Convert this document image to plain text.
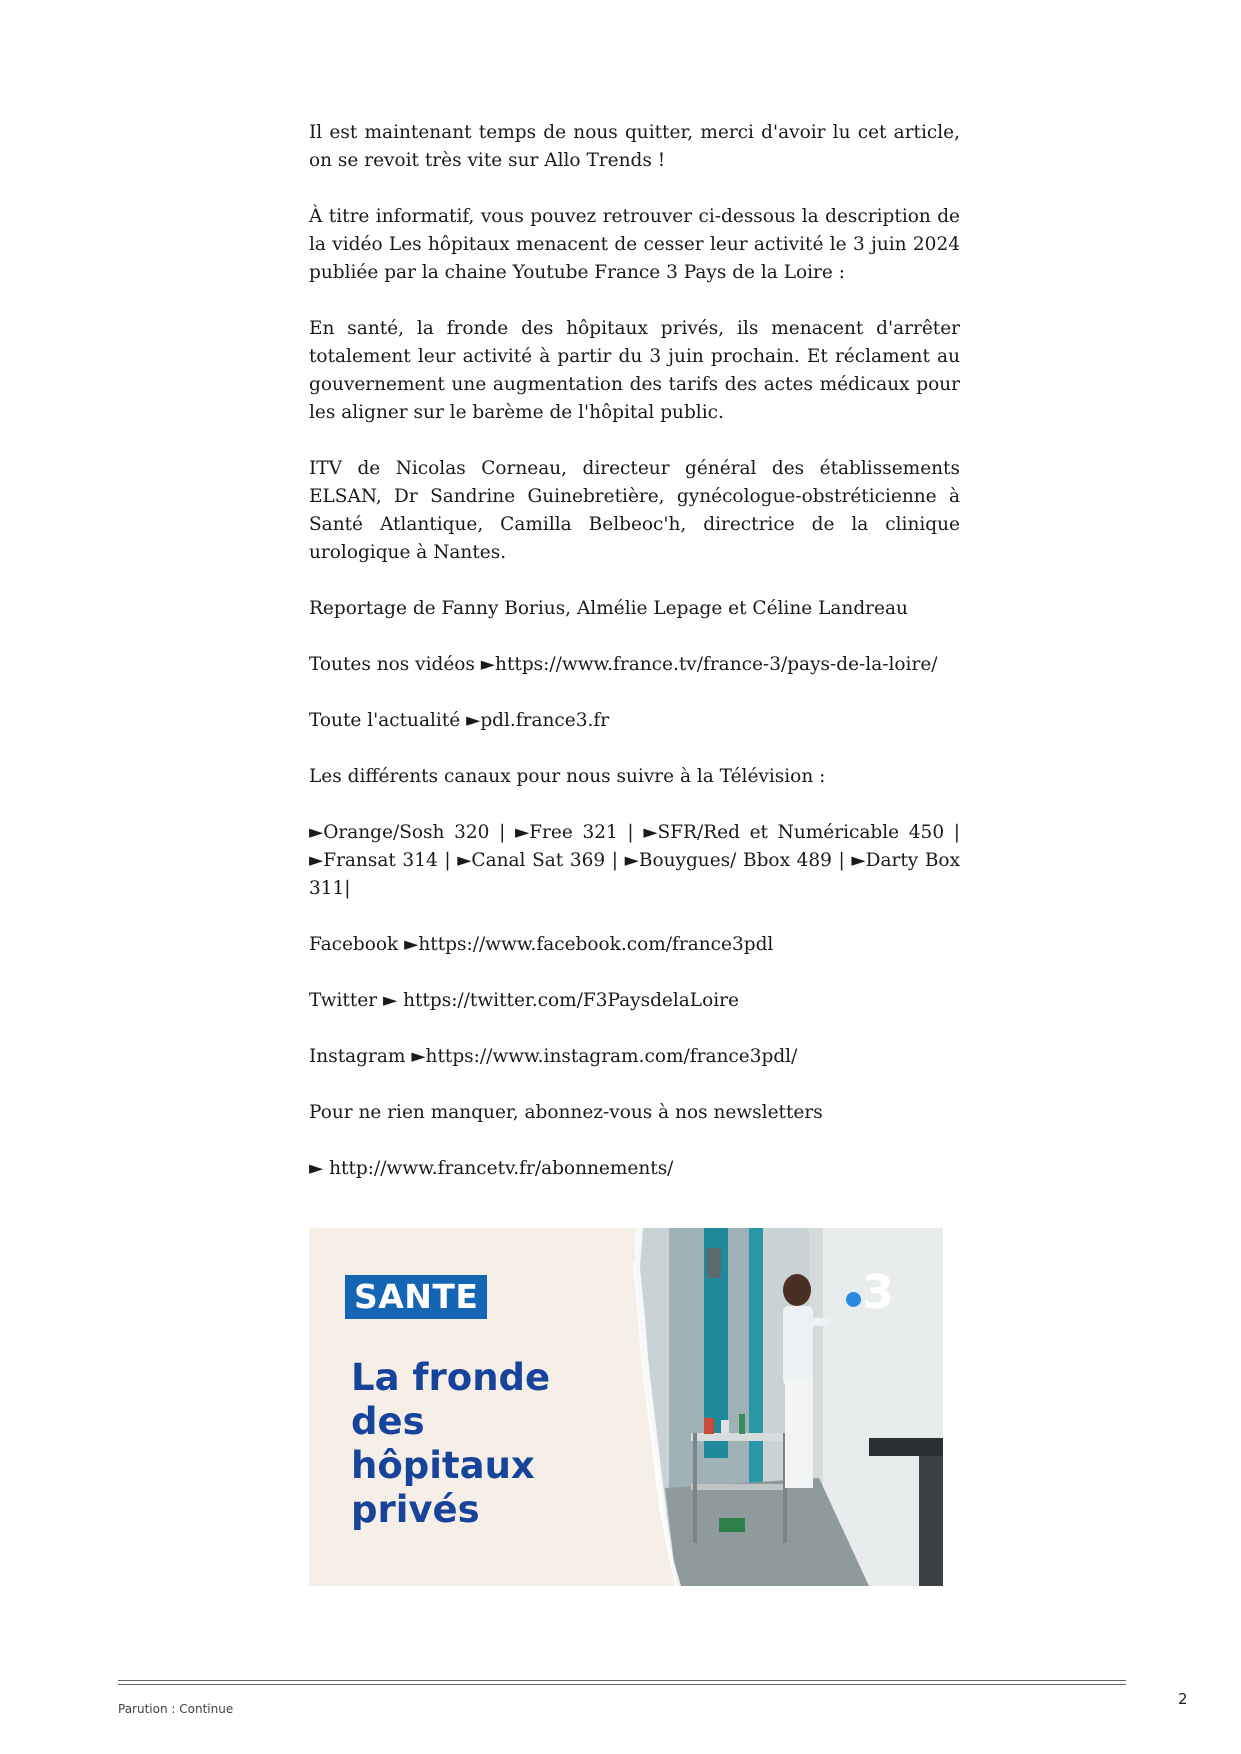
Il est maintenant temps de nous quitter, merci d'avoir lu cet article, on se revoit très vite sur Allo Trends !

À titre informatif, vous pouvez retrouver ci-dessous la description de la vidéo Les hôpitaux menacent de cesser leur activité le 3 juin 2024 publiée par la chaine Youtube France 3 Pays de la Loire :

En santé, la fronde des hôpitaux privés, ils menacent d'arrêter totalement leur activité à partir du 3 juin prochain. Et réclament au gouvernement une augmentation des tarifs des actes médicaux pour les aligner sur le barème de l'hôpital public.

ITV de Nicolas Corneau, directeur général des établissements ELSAN, Dr Sandrine Guinebretière, gynécologue-obstréticienne à Santé Atlantique, Camilla Belbeoc'h, directrice de la clinique urologique à Nantes.

Reportage de Fanny Borius, Almélie Lepage et Céline Landreau

Toutes nos vidéos ►https://www.france.tv/france-3/pays-de-la-loire/

Toute l'actualité ►pdl.france3.fr

Les différents canaux pour nous suivre à la Télévision :

►Orange/Sosh 320 | ►Free 321 | ►SFR/Red et Numéricable 450 | ►Fransat 314 | ►Canal Sat 369 | ►Bouygues/ Bbox 489 | ►Darty Box 311|

Facebook ►https://www.facebook.com/france3pdl

Twitter ► https://twitter.com/F3PaysdelaLoire

Instagram ►https://www.instagram.com/france3pdl/

Pour ne rien manquer, abonnez-vous à nos newsletters

► http://www.francetv.fr/abonnements/

SANTE
La fronde
des
hôpitaux
privés
3
Parution : Continue
2
